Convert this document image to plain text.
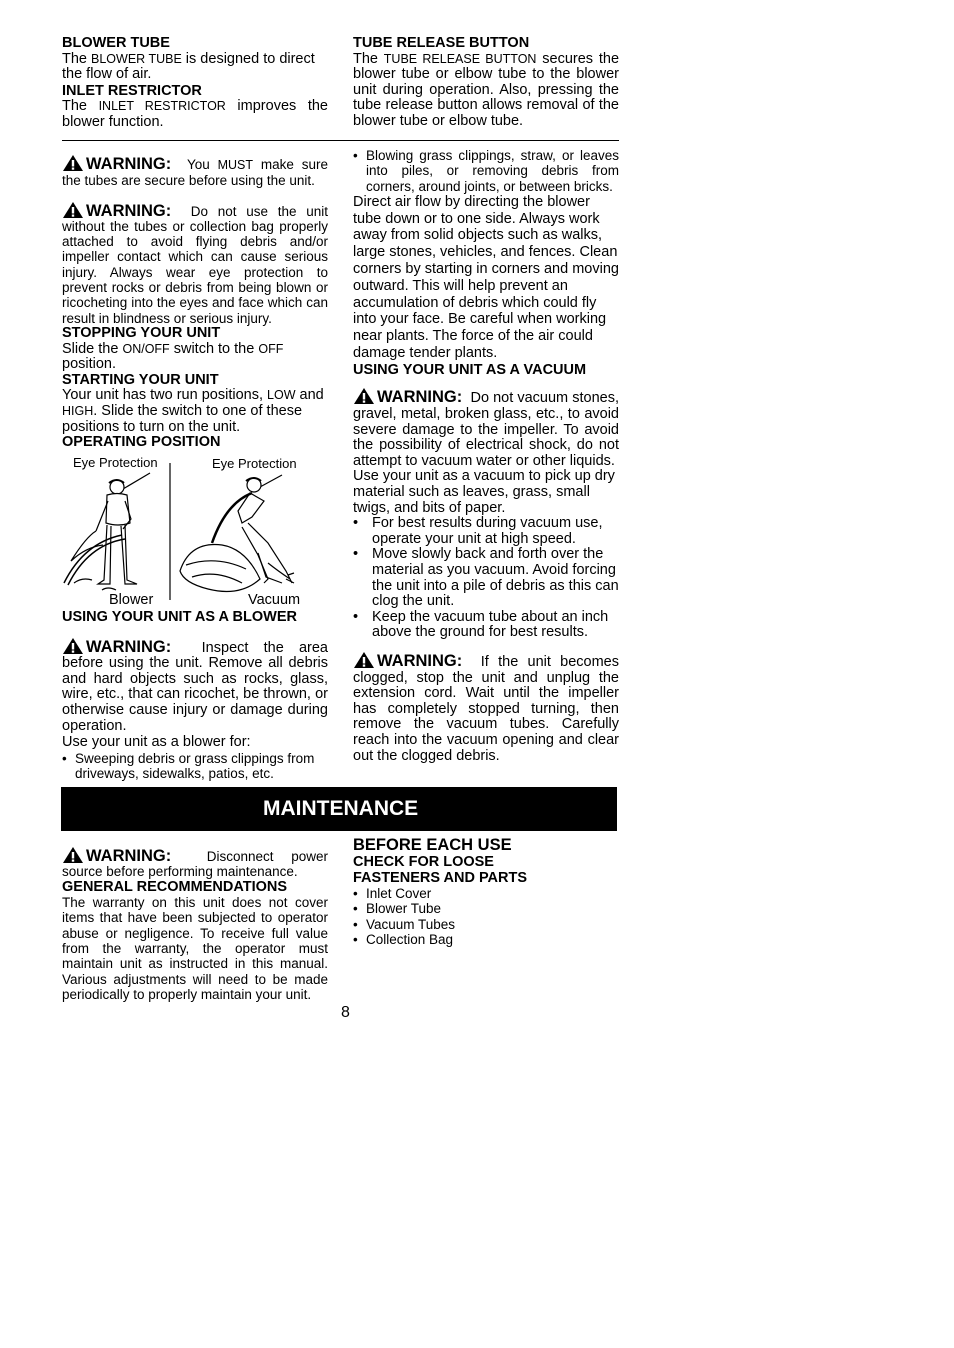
BLOWER TUBE

The BLOWER TUBE is designed to direct the flow of air.

INLET RESTRICTOR

The INLET RESTRICTOR improves the blower function.

TUBE RELEASE BUTTON

The TUBE RELEASE BUTTON secures the blower tube or elbow tube to the blower unit during operation. Also, pressing the tube release button allows removal of the blower tube or elbow tube.

WARNING: You MUST make sure the tubes are secure before using the unit.

WARNING: Do not use the unit without the tubes or collection bag properly attached to avoid flying debris and/or impeller contact which can cause serious injury. Always wear eye protection to prevent rocks or debris from being blown or ricocheting into the eyes and face which can result in blindness or serious injury.

STOPPING YOUR UNIT

Slide the ON/OFF switch to the OFF position.

STARTING YOUR UNIT

Your unit has two run positions, LOW and HIGH. Slide the switch to one of these positions to turn on the unit.

OPERATING POSITION

Eye Protection	Eye Protection
Blower	Vacuum

USING YOUR UNIT AS A BLOWER

WARNING: Inspect the area before using the unit. Remove all debris and hard objects such as rocks, glass, wire, etc., that can ricochet, be thrown, or otherwise cause injury or damage during operation.

Use your unit as a blower for:

• Sweeping debris or grass clippings from driveways, sidewalks, patios, etc.
• Blowing grass clippings, straw, or leaves into piles, or removing debris from corners, around joints, or between bricks.

Direct air flow by directing the blower tube down or to one side. Always work away from solid objects such as walks, large stones, vehicles, and fences. Clean corners by starting in corners and moving outward. This will help prevent an accumulation of debris which could fly into your face. Be careful when working near plants. The force of the air could damage tender plants.

USING YOUR UNIT AS A VACUUM

WARNING: Do not vacuum stones, gravel, metal, broken glass, etc., to avoid severe damage to the impeller. To avoid the possibility of electrical shock, do not attempt to vacuum water or other liquids.

Use your unit as a vacuum to pick up dry material such as leaves, grass, small twigs, and bits of paper.

• For best results during vacuum use, operate your unit at high speed.
• Move slowly back and forth over the material as you vacuum. Avoid forcing the unit into a pile of debris as this can clog the unit.
• Keep the vacuum tube about an inch above the ground for best results.

WARNING: If the unit becomes clogged, stop the unit and unplug the extension cord. Wait until the impeller has completely stopped turning, then remove the vacuum tubes. Carefully reach into the vacuum opening and clear out the clogged debris.

MAINTENANCE

WARNING:	Disconnect power source before performing maintenance.

GENERAL RECOMMENDATIONS

The warranty on this unit does not cover items that have been subjected to operator abuse or negligence. To receive full value from the warranty, the operator must maintain unit as instructed in this manual. Various adjustments will need to be made periodically to properly maintain your unit.

BEFORE EACH USE

CHECK FOR LOOSE

FASTENERS AND PARTS

• Inlet Cover
• Blower Tube
• Vacuum Tubes
• Collection Bag
8
